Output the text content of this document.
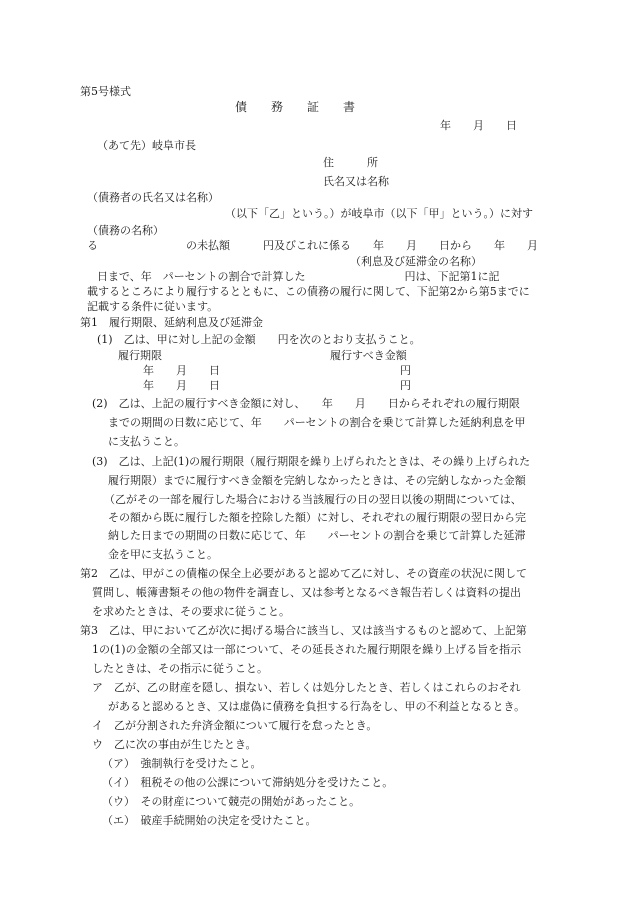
第5号様式
債　　務　　証　　書
年　　月　　日
（あて先）岐阜市長
住　　　所
氏名又は名称
（債務者の氏名又は名称）
（以下「乙」という。）が岐阜市（以下「甲」という。）に対す
（債務の名称）
る　　　　　　　　の未払額　　　円及びこれに係る　　年　　月　　日から　　年　　月
（利息及び延滞金の名称）
日まで、年　パーセントの割合で計算した　　　　　　　　　円は、下記第1に記
載するところにより履行するとともに、この債務の履行に関して、下記第2から第5までに
記載する条件に従います。
第1　履行期限、延納利息及び延滞金
(1)　乙は、甲に対し上記の金額　　円を次のとおり支払うこと。
履行期限	履行すべき金額
年　　月　　日	円
年　　月　　日	円
(2)　乙は、上記の履行すべき金額に対し、　　年　　月　　日からそれぞれの履行期限
までの期間の日数に応じて、年　　パーセントの割合を乗じて計算した延納利息を甲
に支払うこと。
(3)　乙は、上記(1)の履行期限（履行期限を繰り上げられたときは、その繰り上げられた
履行期限）までに履行すべき金額を完納しなかったときは、その完納しなかった金額
（乙がその一部を履行した場合における当該履行の日の翌日以後の期間については、
その額から既に履行した額を控除した額）に対し、それぞれの履行期限の翌日から完
納した日までの期間の日数に応じて、年　　パーセントの割合を乗じて計算した延滞
金を甲に支払うこと。
第2　乙は、甲がこの債権の保全上必要があると認めて乙に対し、その資産の状況に関して
質問し、帳簿書類その他の物件を調査し、又は参考となるべき報告若しくは資料の提出
を求めたときは、その要求に従うこと。
第3　乙は、甲において乙が次に掲げる場合に該当し、又は該当するものと認めて、上記第
1の(1)の金額の全部又は一部について、その延長された履行期限を繰り上げる旨を指示
したときは、その指示に従うこと。
ア　乙が、乙の財産を隠し、損ない、若しくは処分したとき、若しくはこれらのおそれ
があると認めるとき、又は虚偽に債務を負担する行為をし、甲の不利益となるとき。
イ　乙が分割された弁済金額について履行を怠ったとき。
ウ　乙に次の事由が生じたとき。
（ア）　強制執行を受けたこと。
（イ）　租税その他の公課について滞納処分を受けたこと。
（ウ）　その財産について競売の開始があったこと。
（エ）　破産手続開始の決定を受けたこと。
